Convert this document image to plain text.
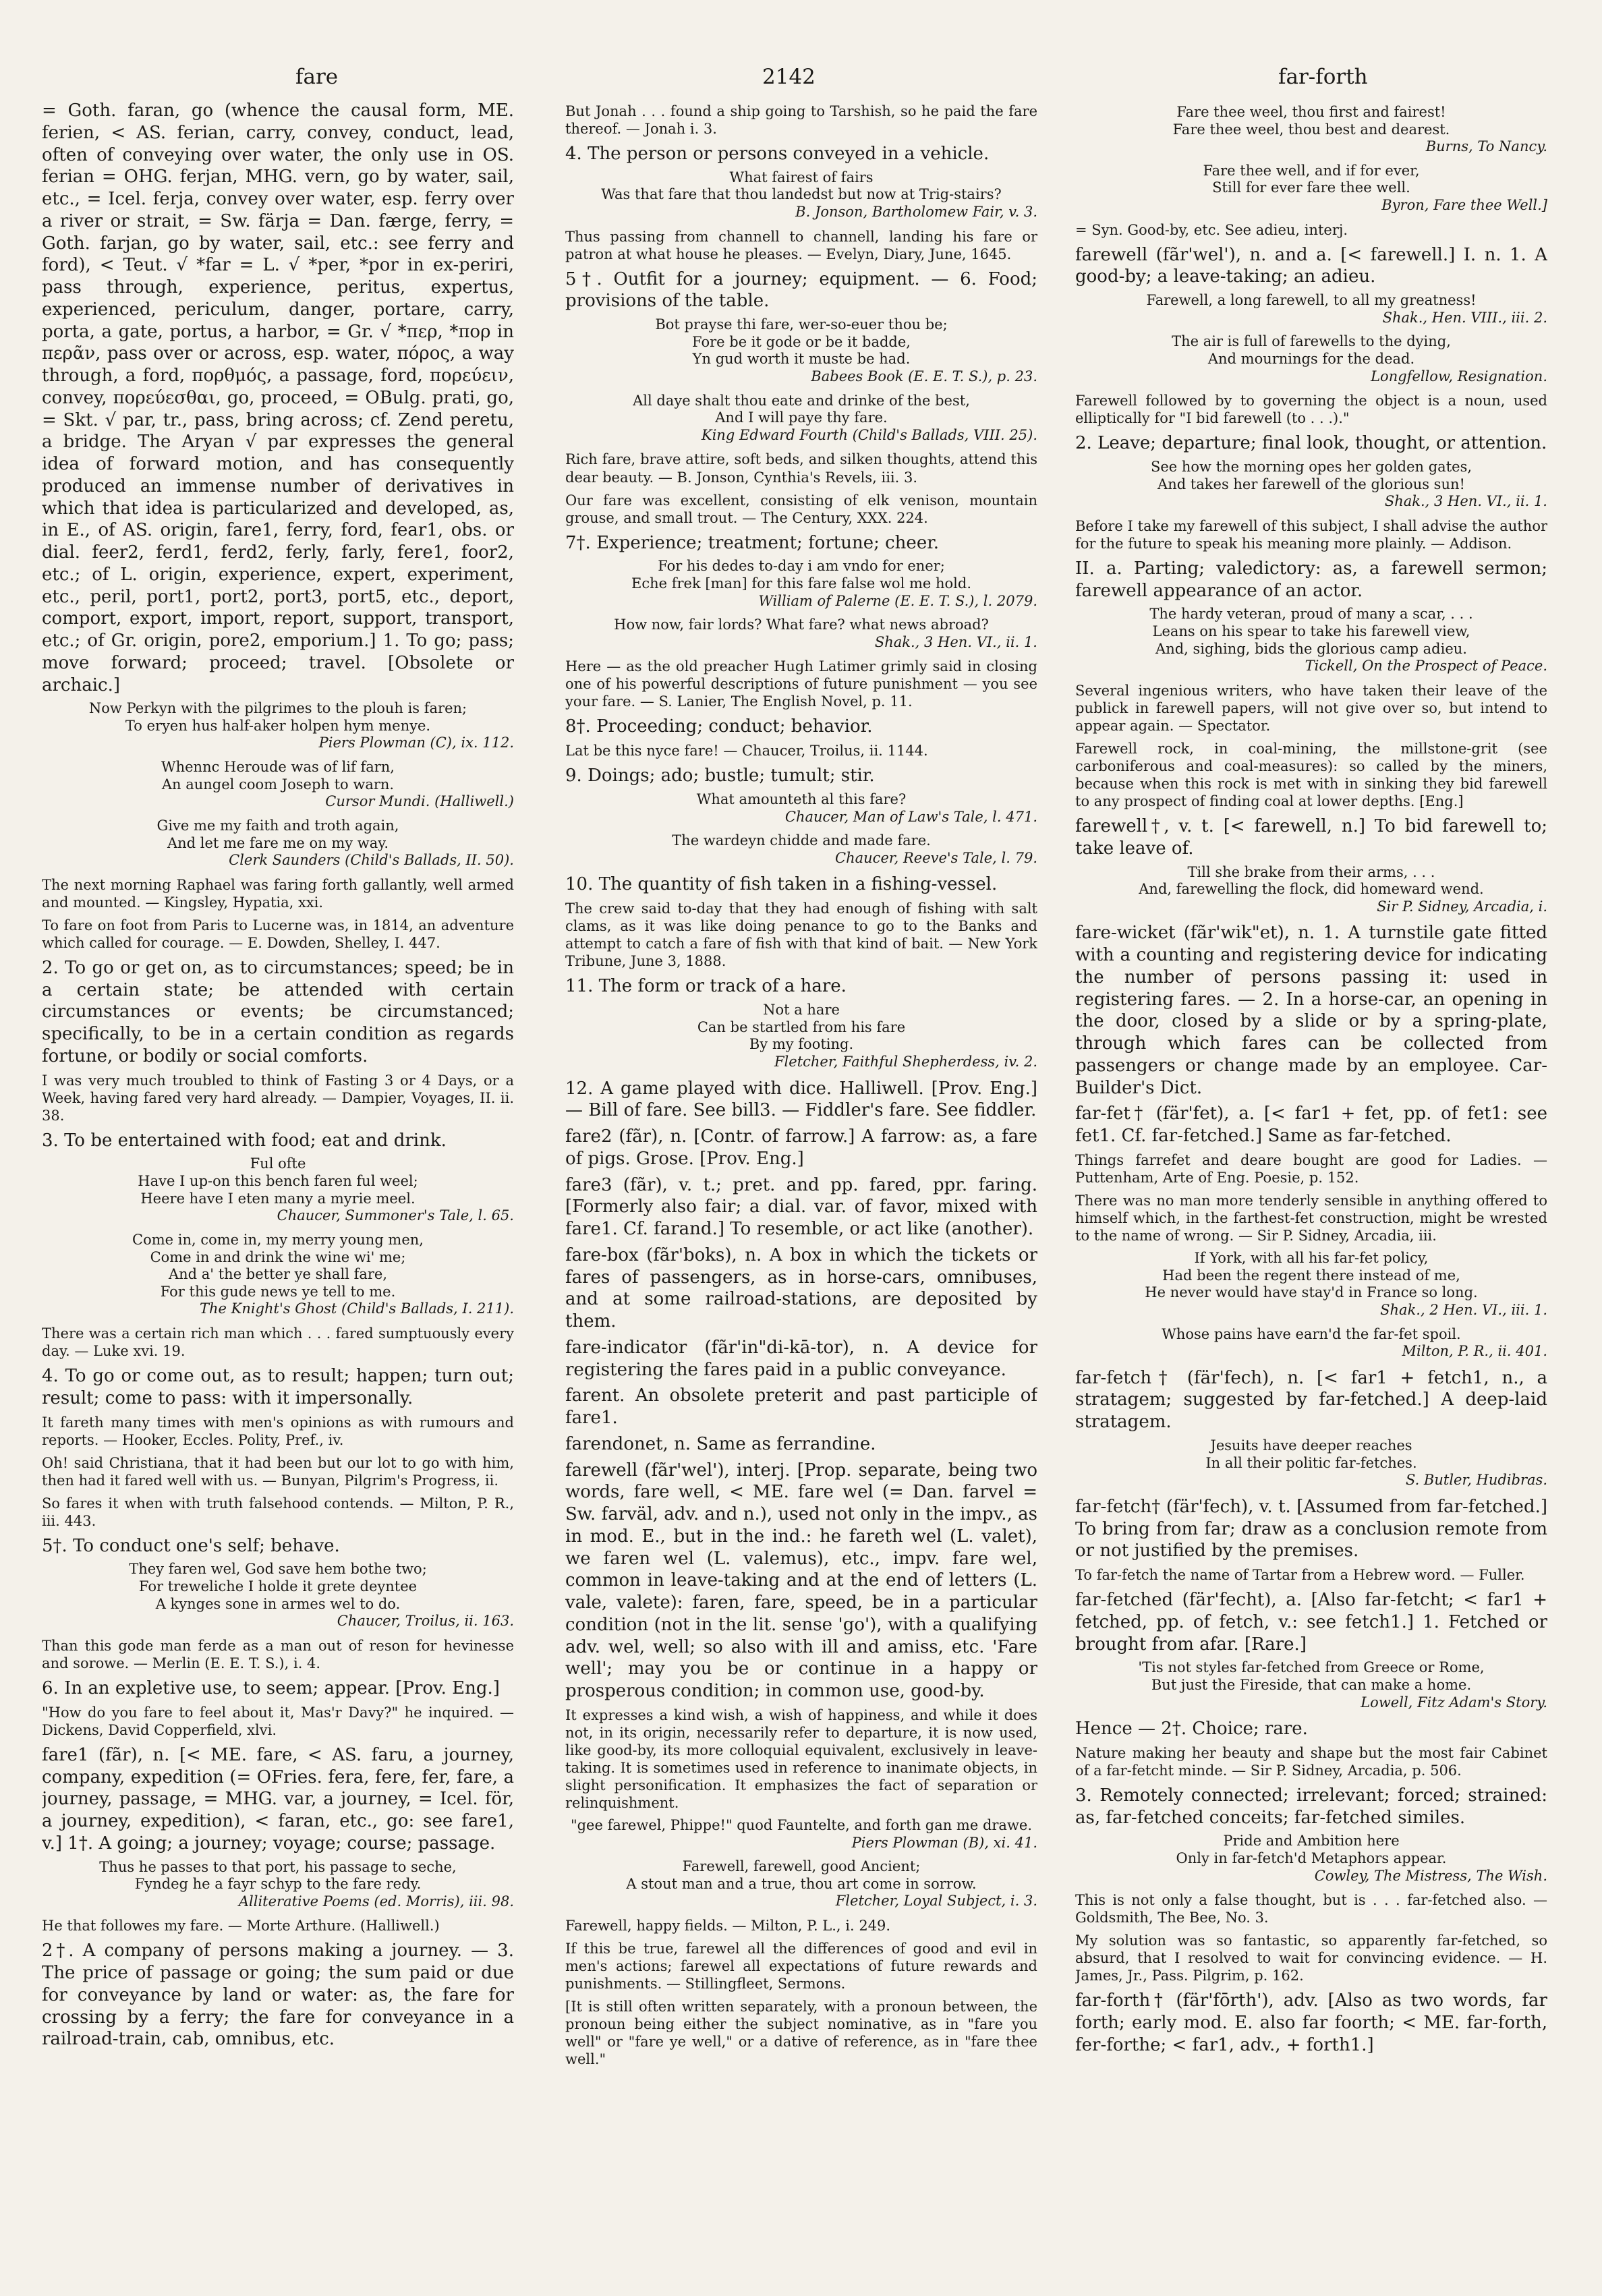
fare	2142	far-forth
= Goth. faran, go (whence the causal form, ME. ferien, < AS. ferian, carry, convey, conduct, lead, often of conveying over water, the only use in OS. ferian = OHG. ferjan, MHG. vern, go by water, sail, etc., = Icel. ferja, convey over water, esp. ferry over a river or strait, = Sw. färja = Dan. færge, ferry, = Goth. farjan, go by water, sail, etc.: see ferry and ford), < Teut. √ *far = L. √ *per, *por in ex-periri, pass through, experience, peritus, expertus, experienced, periculum, danger, portare, carry, porta, a gate, portus, a harbor, = Gr. √ *περ, *πορ in περᾶν, pass over or across, esp. water, πόρος, a way through, a ford, πορθμός, a passage, ford, πορεύειν, convey, πορεύεσθαι, go, proceed, = OBulg. prati, go, = Skt. √ par, tr., pass, bring across; cf. Zend peretu, a bridge. The Aryan √ par expresses the general idea of forward motion, and has consequently produced an immense number of derivatives in which that idea is particularized and developed, as, in E., of AS. origin, fare1, ferry, ford, fear1, obs. or dial. feer2, ferd1, ferd2, ferly, farly, fere1, foor2, etc.; of L. origin, experience, expert, experiment, etc., peril, port1, port2, port3, port5, etc., deport, comport, export, import, report, support, transport, etc.; of Gr. origin, pore2, emporium.] 1. To go; pass; move forward; proceed; travel. [Obsolete or archaic.]
Now Perkyn with the pilgrimes to the plouh is faren;
To eryen hus half-aker holpen hym menye.
Piers Plowman (C), ix. 112.
Whennc Heroude was of lif farn,
An aungel coom Joseph to warn.
Cursor Mundi. (Halliwell.)
Give me my faith and troth again,
And let me fare me on my way.
Clerk Saunders (Child's Ballads, II. 50).
The next morning Raphael was faring forth gallantly, well armed and mounted. — Kingsley, Hypatia, xxi.
To fare on foot from Paris to Lucerne was, in 1814, an adventure which called for courage. — E. Dowden, Shelley, I. 447.
2. To go or get on, as to circumstances; speed; be in a certain state; be attended with certain circumstances or events; be circumstanced; specifically, to be in a certain condition as regards fortune, or bodily or social comforts.
I was very much troubled to think of Fasting 3 or 4 Days, or a Week, having fared very hard already. — Dampier, Voyages, II. ii. 38.
3. To be entertained with food; eat and drink.
Ful ofte
Have I up-on this bench faren ful weel;
Heere have I eten many a myrie meel.
Chaucer, Summoner's Tale, l. 65.
Come in, come in, my merry young men,
Come in and drink the wine wi' me;
And a' the better ye shall fare,
For this gude news ye tell to me.
The Knight's Ghost (Child's Ballads, I. 211).
There was a certain rich man which . . . fared sumptuously every day. — Luke xvi. 19.
4. To go or come out, as to result; happen; turn out; result; come to pass: with it impersonally.
It fareth many times with men's opinions as with rumours and reports. — Hooker, Eccles. Polity, Pref., iv.
Oh! said Christiana, that it had been but our lot to go with him, then had it fared well with us. — Bunyan, Pilgrim's Progress, ii.
So fares it when with truth falsehood contends. — Milton, P. R., iii. 443.
5†. To conduct one's self; behave.
They faren wel, God save hem bothe two;
For treweliche I holde it grete deyntee
A kynges sone in armes wel to do.
Chaucer, Troilus, ii. 163.
Than this gode man ferde as a man out of reson for hevinesse and sorowe. — Merlin (E. E. T. S.), i. 4.
6. In an expletive use, to seem; appear. [Prov. Eng.]
"How do you fare to feel about it, Mas'r Davy?" he inquired. — Dickens, David Copperfield, xlvi.
fare1 (fãr), n. [< ME. fare, < AS. faru, a journey, company, expedition (= OFries. fera, fere, fer, fare, a journey, passage, = MHG. var, a journey, = Icel. för, a journey, expedition), < faran, etc., go: see fare1, v.] 1†. A going; a journey; voyage; course; passage.
Thus he passes to that port, his passage to seche,
Fyndeg he a fayr schyp to the fare redy.
Alliterative Poems (ed. Morris), iii. 98.
He that followes my fare. — Morte Arthure. (Halliwell.)
2†. A company of persons making a journey. — 3. The price of passage or going; the sum paid or due for conveyance by land or water: as, the fare for crossing by a ferry; the fare for conveyance in a railroad-train, cab, omnibus, etc.
But Jonah . . . found a ship going to Tarshish, so he paid the fare thereof. — Jonah i. 3.
4. The person or persons conveyed in a vehicle.
What fairest of fairs
Was that fare that thou landedst but now at Trig-stairs?
B. Jonson, Bartholomew Fair, v. 3.
Thus passing from channell to channell, landing his fare or patron at what house he pleases. — Evelyn, Diary, June, 1645.
5†. Outfit for a journey; equipment. — 6. Food; provisions of the table.
Bot prayse thi fare, wer-so-euer thou be;
Fore be it gode or be it badde,
Yn gud worth it muste be had.
Babees Book (E. E. T. S.), p. 23.
All daye shalt thou eate and drinke of the best,
And I will paye thy fare.
King Edward Fourth (Child's Ballads, VIII. 25).
Rich fare, brave attire, soft beds, and silken thoughts, attend this dear beauty. — B. Jonson, Cynthia's Revels, iii. 3.
Our fare was excellent, consisting of elk venison, mountain grouse, and small trout. — The Century, XXX. 224.
7†. Experience; treatment; fortune; cheer.
For his dedes to-day i am vndo for ener;
Eche frek [man] for this fare false wol me hold.
William of Palerne (E. E. T. S.), l. 2079.
How now, fair lords? What fare? what news abroad?
Shak., 3 Hen. VI., ii. 1.
Here — as the old preacher Hugh Latimer grimly said in closing one of his powerful descriptions of future punishment — you see your fare. — S. Lanier, The English Novel, p. 11.
8†. Proceeding; conduct; behavior.
Lat be this nyce fare! — Chaucer, Troilus, ii. 1144.
9. Doings; ado; bustle; tumult; stir.
What amounteth al this fare?
Chaucer, Man of Law's Tale, l. 471.
The wardeyn chidde and made fare.
Chaucer, Reeve's Tale, l. 79.
10. The quantity of fish taken in a fishing-vessel.
The crew said to-day that they had enough of fishing with salt clams, as it was like doing penance to go to the Banks and attempt to catch a fare of fish with that kind of bait. — New York Tribune, June 3, 1888.
11. The form or track of a hare.
Not a hare
Can be startled from his fare
By my footing.
Fletcher, Faithful Shepherdess, iv. 2.
12. A game played with dice. Halliwell. [Prov. Eng.] — Bill of fare. See bill3. — Fiddler's fare. See fiddler.
fare2 (fãr), n. [Contr. of farrow.] A farrow: as, a fare of pigs. Grose. [Prov. Eng.]
fare3 (fãr), v. t.; pret. and pp. fared, ppr. faring. [Formerly also fair; a dial. var. of favor, mixed with fare1. Cf. farand.] To resemble, or act like (another).
fare-box (fãr'boks), n. A box in which the tickets or fares of passengers, as in horse-cars, omnibuses, and at some railroad-stations, are deposited by them.
fare-indicator (fãr'in"di-kā-tor), n. A device for registering the fares paid in a public conveyance.
farent. An obsolete preterit and past participle of fare1.
farendonet, n. Same as ferrandine.
farewell (fãr'wel'), interj. [Prop. separate, being two words, fare well, < ME. fare wel (= Dan. farvel = Sw. farväl, adv. and n.), used not only in the impv., as in mod. E., but in the ind.: he fareth wel (L. valet), we faren wel (L. valemus), etc., impv. fare wel, common in leave-taking and at the end of letters (L. vale, valete): faren, fare, speed, be in a particular condition (not in the lit. sense 'go'), with a qualifying adv. wel, well; so also with ill and amiss, etc. 'Fare well'; may you be or continue in a happy or prosperous condition; in common use, good-by.
It expresses a kind wish, a wish of happiness, and while it does not, in its origin, necessarily refer to departure, it is now used, like good-by, its more colloquial equivalent, exclusively in leave-taking. It is sometimes used in reference to inanimate objects, in slight personification. It emphasizes the fact of separation or relinquishment.
"gee farewel, Phippe!" quod Fauntelte, and forth gan me drawe.
Piers Plowman (B), xi. 41.
Farewell, farewell, good Ancient;
A stout man and a true, thou art come in sorrow.
Fletcher, Loyal Subject, i. 3.
Farewell, happy fields. — Milton, P. L., i. 249.
If this be true, farewel all the differences of good and evil in men's actions; farewel all expectations of future rewards and punishments. — Stillingfleet, Sermons.
[It is still often written separately, with a pronoun between, the pronoun being either the subject nominative, as in "fare you well" or "fare ye well," or a dative of reference, as in "fare thee well."
Fare thee weel, thou first and fairest!
Fare thee weel, thou best and dearest.
Burns, To Nancy.
Fare thee well, and if for ever,
Still for ever fare thee well.
Byron, Fare thee Well.]
= Syn. Good-by, etc. See adieu, interj.
farewell (fãr'wel'), n. and a. [< farewell.] I. n. 1. A good-by; a leave-taking; an adieu.
Farewell, a long farewell, to all my greatness!
Shak., Hen. VIII., iii. 2.
The air is full of farewells to the dying,
And mournings for the dead.
Longfellow, Resignation.
Farewell followed by to governing the object is a noun, used elliptically for "I bid farewell (to . . .)."
2. Leave; departure; final look, thought, or attention.
See how the morning opes her golden gates,
And takes her farewell of the glorious sun!
Shak., 3 Hen. VI., ii. 1.
Before I take my farewell of this subject, I shall advise the author for the future to speak his meaning more plainly. — Addison.
II. a. Parting; valedictory: as, a farewell sermon; farewell appearance of an actor.
The hardy veteran, proud of many a scar, . . .
Leans on his spear to take his farewell view,
And, sighing, bids the glorious camp adieu.
Tickell, On the Prospect of Peace.
Several ingenious writers, who have taken their leave of the publick in farewell papers, will not give over so, but intend to appear again. — Spectator.
Farewell rock, in coal-mining, the millstone-grit (see carboniferous and coal-measures): so called by the miners, because when this rock is met with in sinking they bid farewell to any prospect of finding coal at lower depths. [Eng.]
farewell†, v. t. [< farewell, n.] To bid farewell to; take leave of.
Till she brake from their arms, . . .
And, farewelling the flock, did homeward wend.
Sir P. Sidney, Arcadia, i.
fare-wicket (fãr'wik"et), n. 1. A turnstile gate fitted with a counting and registering device for indicating the number of persons passing it: used in registering fares. — 2. In a horse-car, an opening in the door, closed by a slide or by a spring-plate, through which fares can be collected from passengers or change made by an employee. Car-Builder's Dict.
far-fet† (fär'fet), a. [< far1 + fet, pp. of fet1: see fet1. Cf. far-fetched.] Same as far-fetched.
Things farrefet and deare bought are good for Ladies. — Puttenham, Arte of Eng. Poesie, p. 152.
There was no man more tenderly sensible in anything offered to himself which, in the farthest-fet construction, might be wrested to the name of wrong. — Sir P. Sidney, Arcadia, iii.
If York, with all his far-fet policy,
Had been the regent there instead of me,
He never would have stay'd in France so long.
Shak., 2 Hen. VI., iii. 1.
Whose pains have earn'd the far-fet spoil.
Milton, P. R., ii. 401.
far-fetch† (fär'fech), n. [< far1 + fetch1, n., a stratagem; suggested by far-fetched.] A deep-laid stratagem.
Jesuits have deeper reaches
In all their politic far-fetches.
S. Butler, Hudibras.
far-fetch† (fär'fech), v. t. [Assumed from far-fetched.] To bring from far; draw as a conclusion remote from or not justified by the premises.
To far-fetch the name of Tartar from a Hebrew word. — Fuller.
far-fetched (fär'fecht), a. [Also far-fetcht; < far1 + fetched, pp. of fetch, v.: see fetch1.] 1. Fetched or brought from afar. [Rare.]
'Tis not styles far-fetched from Greece or Rome,
But just the Fireside, that can make a home.
Lowell, Fitz Adam's Story.
Hence — 2†. Choice; rare.
Nature making her beauty and shape but the most fair Cabinet of a far-fetcht minde. — Sir P. Sidney, Arcadia, p. 506.
3. Remotely connected; irrelevant; forced; strained: as, far-fetched conceits; far-fetched similes.
Pride and Ambition here
Only in far-fetch'd Metaphors appear.
Cowley, The Mistress, The Wish.
This is not only a false thought, but is . . . far-fetched also. — Goldsmith, The Bee, No. 3.
My solution was so fantastic, so apparently far-fetched, so absurd, that I resolved to wait for convincing evidence. — H. James, Jr., Pass. Pilgrim, p. 162.
far-forth† (fär'fōrth'), adv. [Also as two words, far forth; early mod. E. also far foorth; < ME. far-forth, fer-forthe; < far1, adv., + forth1.]
